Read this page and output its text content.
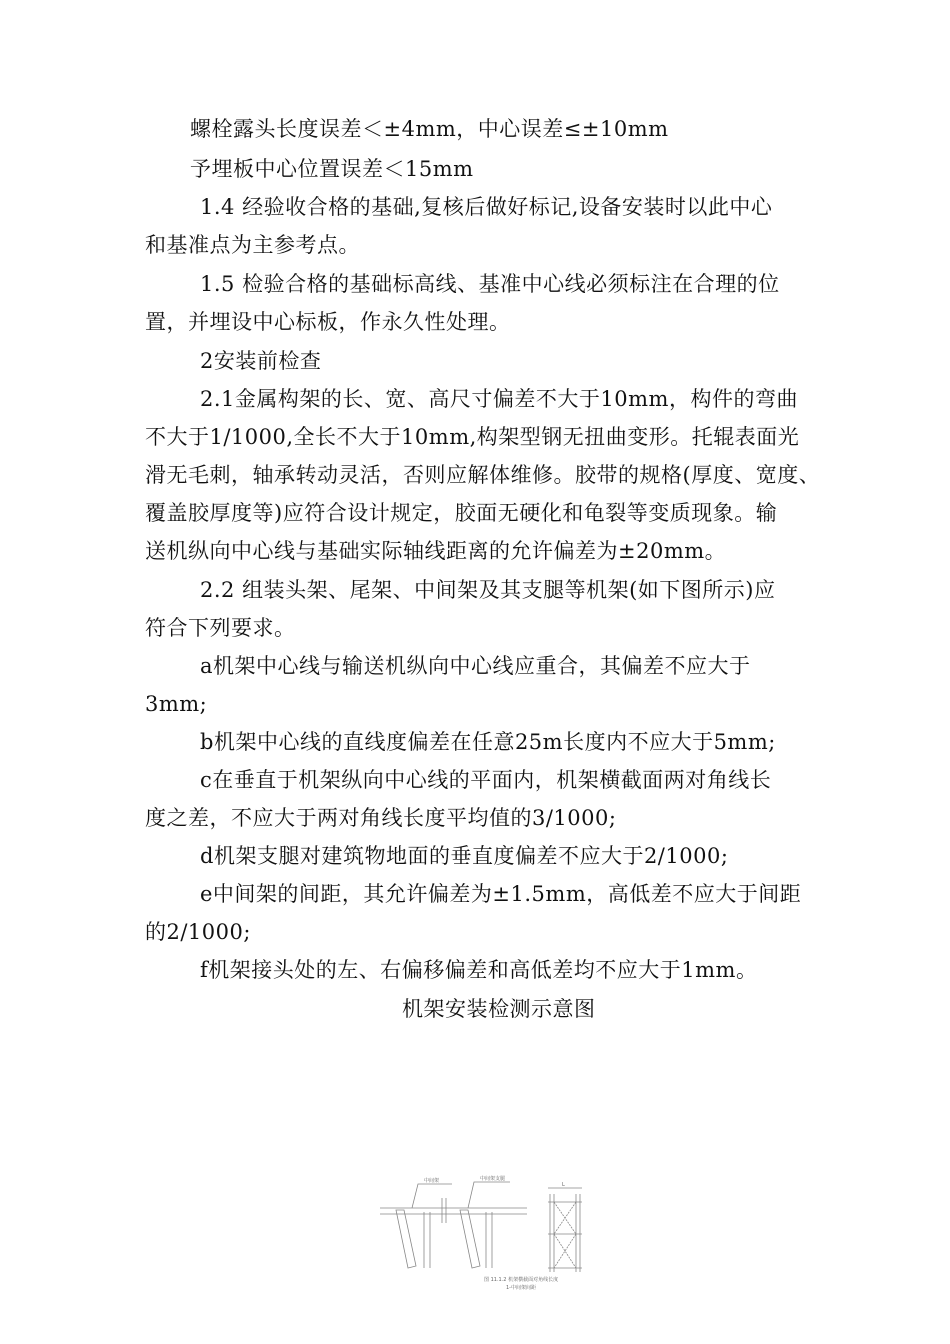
螺栓露头长度误差＜±4mm，中心误差≤±10mm
予埋板中心位置误差＜15mm
1.4 经验收合格的基础,复核后做好标记,设备安装时以此中心
和基准点为主参考点。
1.5 检验合格的基础标高线、基准中心线必须标注在合理的位
置，并埋设中心标板，作永久性处理。
2安装前检查
2.1金属构架的长、宽、高尺寸偏差不大于10mm，构件的弯曲
不大于1/1000,全长不大于10mm,构架型钢无扭曲变形。托辊表面光
滑无毛刺，轴承转动灵活，否则应解体维修。胶带的规格(厚度、宽度、
覆盖胶厚度等)应符合设计规定，胶面无硬化和龟裂等变质现象。输
送机纵向中心线与基础实际轴线距离的允许偏差为±20mm。
2.2 组装头架、尾架、中间架及其支腿等机架(如下图所示)应
符合下列要求。
a机架中心线与输送机纵向中心线应重合，其偏差不应大于
3mm;
b机架中心线的直线度偏差在任意25m长度内不应大于5mm;
c在垂直于机架纵向中心线的平面内，机架横截面两对角线长
度之差，不应大于两对角线长度平均值的3/1000;
d机架支腿对建筑物地面的垂直度偏差不应大于2/1000;
e中间架的间距，其允许偏差为±1.5mm，高低差不应大于间距
的2/1000;
f机架接头处的左、右偏移偏差和高低差均不应大于1mm。
机架安装检测示意图
中间架	中间架支腿
L
图 11.1.2 机架横截面对角线长度
1-中间架间距
